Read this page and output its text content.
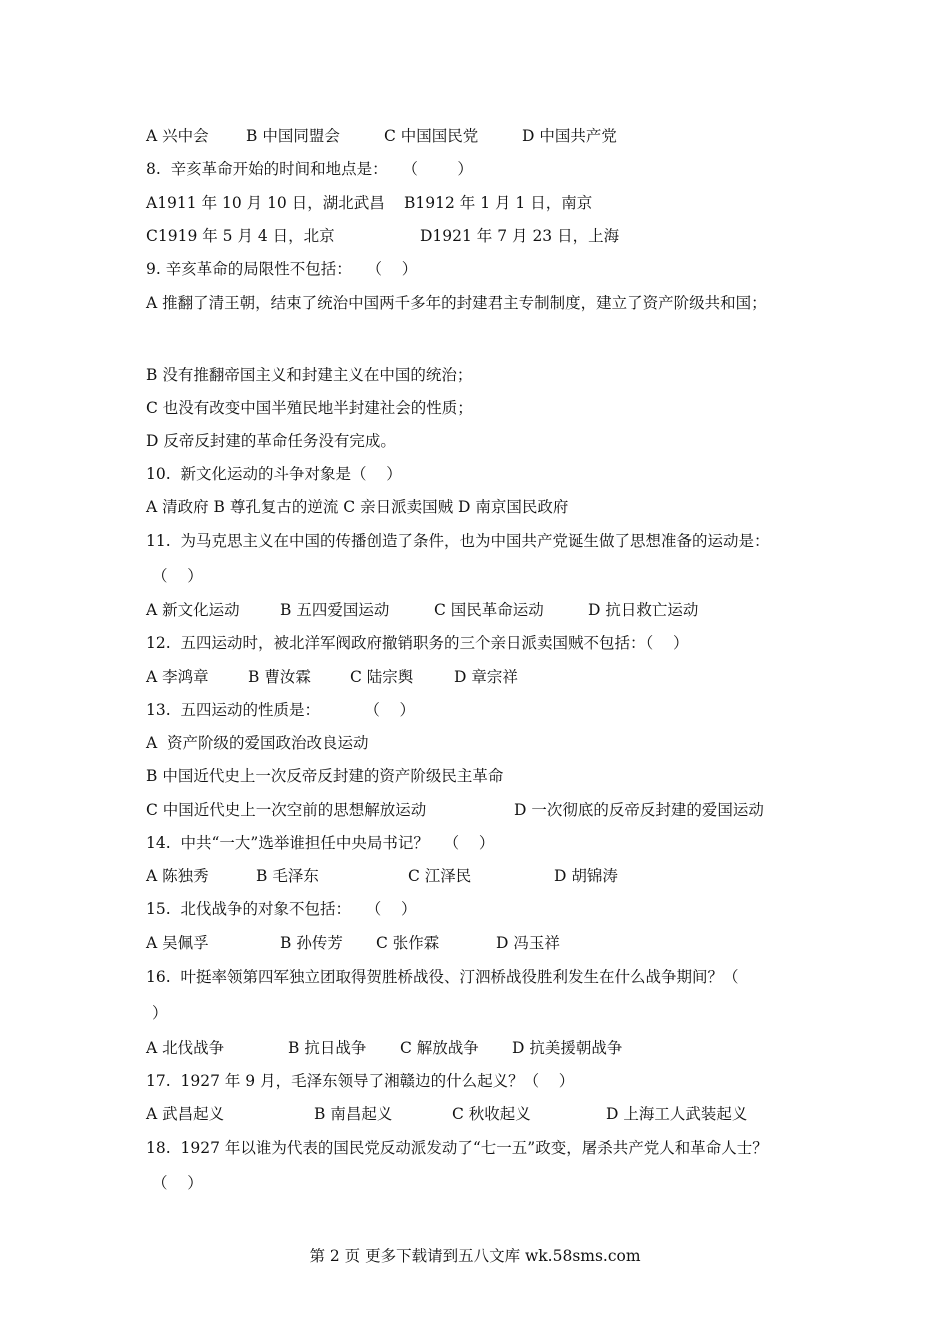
A 兴中会

B 中国同盟会

	C 中国国民党

	D 中国共产党

8.  辛亥革命开始的时间和地点是：   （        ）

A1911 年 10 月 10 日，湖北武昌

B1912 年 1 月 1 日，南京

C1919 年 5 月 4 日，北京

	D1921 年 7 月 23 日，上海

9. 辛亥革命的局限性不包括：   （    ）
A 推翻了清王朝，结束了统治中国两千多年的封建君主专制制度，建立了资产阶级共和国；
B 没有推翻帝国主义和封建主义在中国的统治；
C 也没有改变中国半殖民地半封建社会的性质；
D 反帝反封建的革命任务没有完成。
10.  新文化运动的斗争对象是（    ）
A 清政府 B 尊孔复古的逆流 C 亲日派卖国贼 D 南京国民政府
11.  为马克思主义在中国的传播创造了条件，也为中国共产党诞生做了思想准备的运动是：
（    ）

A 新文化运动

	B 五四爱国运动

	C 国民革命运动

	D 抗日救亡运动

12.  五四运动时，被北洋军阀政府撤销职务的三个亲日派卖国贼不包括：（    ）

A 李鸿章

	B 曹汝霖

	C 陆宗舆

	D 章宗祥

13.  五四运动的性质是：         （    ）
A  资产阶级的爱国政治改良运动
B 中国近代史上一次反帝反封建的资产阶级民主革命

C 中国近代史上一次空前的思想解放运动

	D 一次彻底的反帝反封建的爱国运动

14.  中共“一大”选举谁担任中央局书记？   （    ）

A 陈独秀

	B 毛泽东

	C 江泽民

	D 胡锦涛

15.  北伐战争的对象不包括：   （    ）

A 吴佩孚

	B 孙传芳

C 张作霖

	D 冯玉祥

16.  叶挺率领第四军独立团取得贺胜桥战役、汀泗桥战役胜利发生在什么战争期间？（
）

A 北伐战争

	B 抗日战争

C 解放战争

D 抗美援朝战争

17.  1927 年 9 月，毛泽东领导了湘赣边的什么起义？（    ）

A 武昌起义

	B 南昌起义

	C 秋收起义

	D 上海工人武装起义

18.  1927 年以谁为代表的国民党反动派发动了“七一五”政变，屠杀共产党人和革命人士？
（    ）
第 2 页 更多下载请到五八文库 wk.58sms.com
